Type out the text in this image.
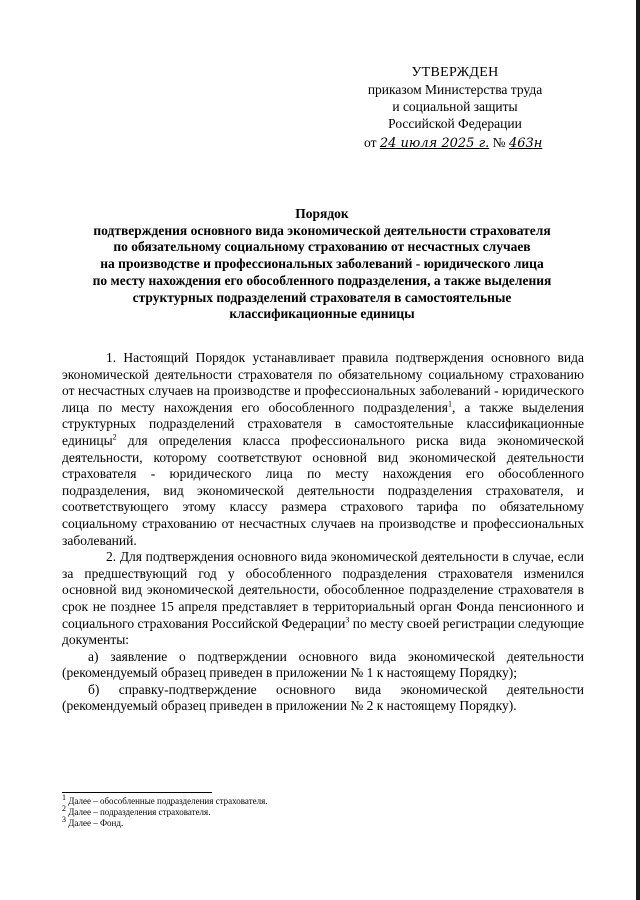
УТВЕРЖДЕН
приказом Министерства труда
и социальной защиты
Российской Федерации
от 24 июля 2025 г. № 463н
Порядок
подтверждения основного вида экономической деятельности страхователя
по обязательному социальному страхованию от несчастных случаев
на производстве и профессиональных заболеваний - юридического лица
по месту нахождения его обособленного подразделения, а также выделения
структурных подразделений страхователя в самостоятельные
классификационные единицы

1. Настоящий Порядок устанавливает правила подтверждения основного вида экономической деятельности страхователя по обязательному социальному страхованию от несчастных случаев на производстве и профессиональных заболеваний - юридического лица по месту нахождения его обособленного подразделения$^1$, а также выделения структурных подразделений страхователя в самостоятельные классификационные единицы$^2$ для определения класса профессионального риска вида экономической деятельности, которому соответствуют основной вид экономической деятельности страхователя - юридического лица по месту нахождения его обособленного подразделения, вид экономической деятельности подразделения страхователя, и соответствующего этому классу размера страхового тарифа по обязательному социальному страхованию от несчастных случаев на производстве и профессиональных заболеваний.

2. Для подтверждения основного вида экономической деятельности в случае, если за предшествующий год у обособленного подразделения страхователя изменился основной вид экономической деятельности, обособленное подразделение страхователя в срок не позднее 15 апреля представляет в территориальный орган Фонда пенсионного и социального страхования Российской Федерации$^3$ по месту своей регистрации следующие документы:

а) заявление о подтверждении основного вида экономической деятельности (рекомендуемый образец приведен в приложении № 1 к настоящему Порядку);

б) справку-подтверждение основного вида экономической деятельности (рекомендуемый образец приведен в приложении № 2 к настоящему Порядку).

$^1$ Далее – обособленные подразделения страхователя.
$^2$ Далее – подразделения страхователя.
$^3$ Далее – Фонд.
